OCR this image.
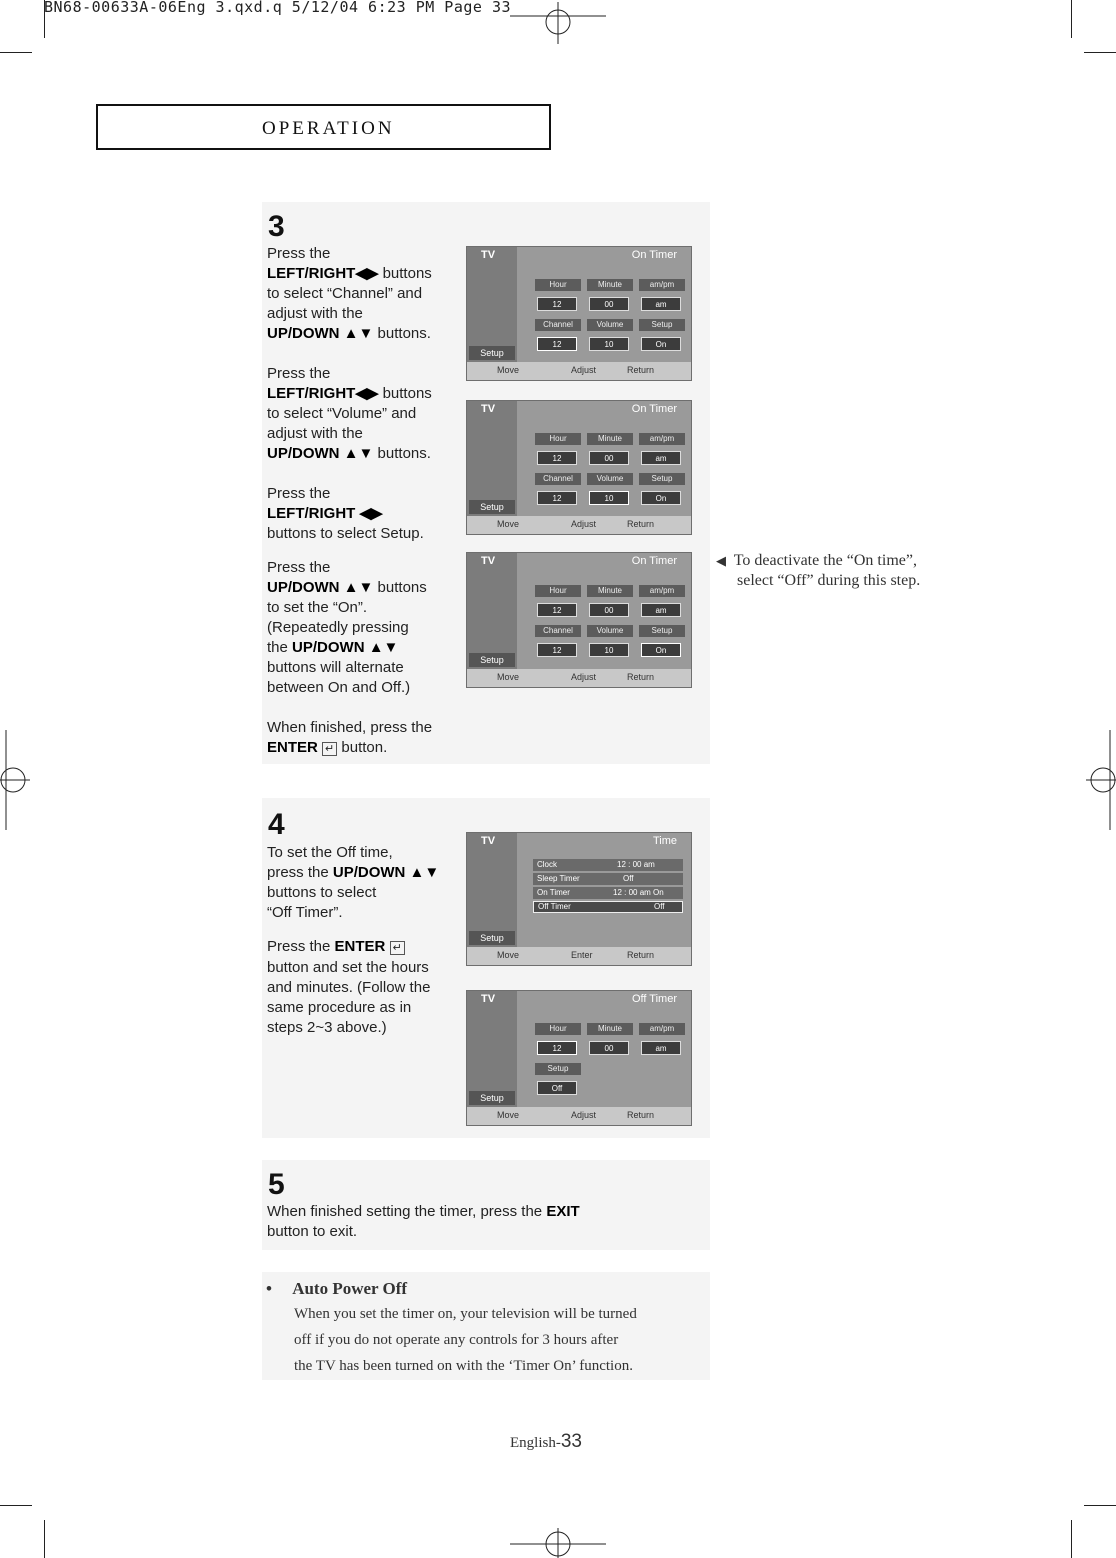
BN68-00633A-06Eng 3.qxd.q 5/12/04 6:23 PM Page 33
OPERATION
3
Press the
LEFT/RIGHT◀▶ buttons
to select “Channel” and
adjust with the
UP/DOWN ▲▼ buttons.
Press the
LEFT/RIGHT◀▶ buttons
to select “Volume” and
adjust with the
UP/DOWN ▲▼ buttons.
Press the
LEFT/RIGHT ◀▶
buttons to select Setup.
Press the
UP/DOWN ▲▼ buttons
to set the “On”.
(Repeatedly pressing
the UP/DOWN ▲▼
buttons will alternate
between On and Off.)
When finished, press the
ENTER ↵ button.
TV	On Timer
Hour	Minute	am/pm
12	00	am
Channel	Volume	Setup
12	10	On
Setup
Move	Adjust	Return
TV	On Timer
Hour	Minute	am/pm
12	00	am
Channel	Volume	Setup
12	10	On
Setup
Move	Adjust	Return
TV	On Timer
Hour	Minute	am/pm
12	00	am
Channel	Volume	Setup
12	10	On
Setup
Move	Adjust	Return
◀ To deactivate the “On time”,
select “Off” during this step.
4
To set the Off time,
press the UP/DOWN ▲▼
buttons to select
“Off Timer”.
Press the ENTER ↵
button and set the hours
and minutes. (Follow the
same procedure as in
steps 2~3 above.)
TV	Time
Clock	12 : 00 am
Sleep Timer	Off
On Timer	12 : 00 am On
Off Timer	Off
Setup
Move	Enter	Return
TV	Off Timer
Hour	Minute	am/pm
12	00	am
Setup
Off
Setup
Move	Adjust	Return
5
When finished setting the timer, press the EXIT
button to exit.
• Auto Power Off
When you set the timer on, your television will be turned
off if you do not operate any controls for 3 hours after
the TV has been turned on with the ‘Timer On’ function.
English-33
